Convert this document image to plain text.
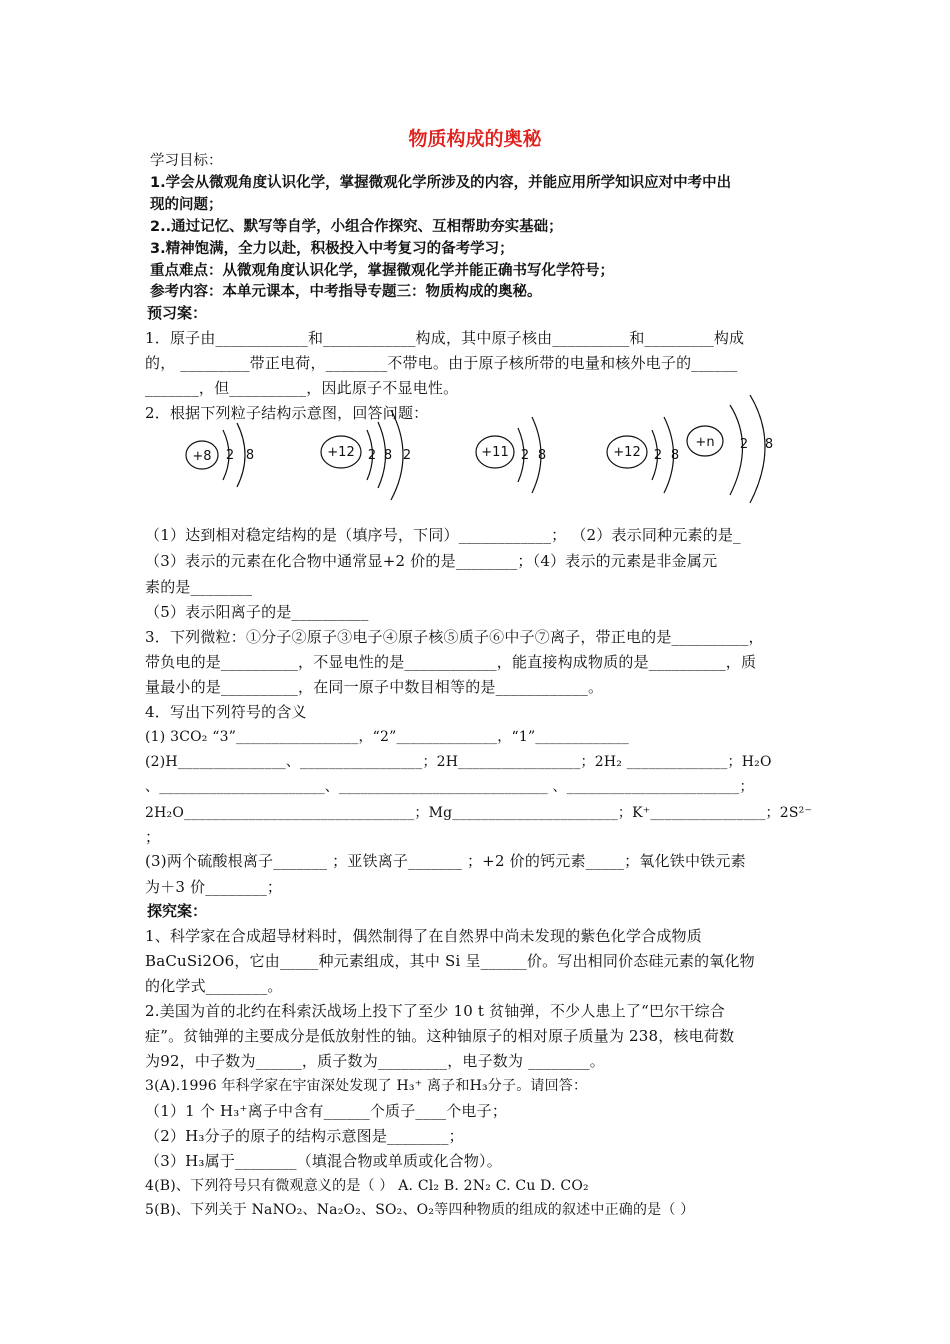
物质构成的奥秘
学习目标：
1.学会从微观角度认识化学，掌握微观化学所涉及的内容，并能应用所学知识应对中考中出
现的问题；
2..通过记忆、默写等自学，小组合作探究、互相帮助夯实基础；
3.精神饱满，全力以赴，积极投入中考复习的备考学习；
重点难点：从微观角度认识化学，掌握微观化学并能正确书写化学符号；
参考内容：本单元课本，中考指导专题三：物质构成的奥秘。
预习案：
1．原子由____________和____________构成，其中原子核由__________和_________构成
的， _________带正电荷，________不带电。由于原子核所带的电量和核外电子的______
_______，但__________，因此原子不显电性。
2．根据下列粒子结构示意图，回答问题：
+8 2 8	+12 2 8 2	+11 2 8	+12 2 8
+n 2 8
（1）达到相对稳定结构的是（填序号，下同）____________； （2）表示同种元素的是_
（3）表示的元素在化合物中通常显+2 价的是________；（4）表示的元素是非金属元
素的是________
（5）表示阳离子的是__________
3．下列微粒：①分子②原子③电子④原子核⑤质子⑥中子⑦离子，带正电的是__________，
带负电的是__________，不显电性的是____________，能直接构成物质的是__________，质
量最小的是__________，在同一原子中数目相等的是____________。
4．写出下列符号的含义
(1) 3CO₂ “3”_________________，“2”______________，“1”_____________
(2)H_______________、_________________；2H_________________；2H₂ ______________；H₂O
、_______________________、_____________________________ 、________________________；
2H₂O________________________________；Mg_______________________；K⁺________________；2S²⁻
；
(3)两个硫酸根离子_______ ；亚铁离子_______ ；+2 价的钙元素_____；氧化铁中铁元素
为＋3 价________；
探究案：
1、科学家在合成超导材料时，偶然制得了在自然界中尚未发现的紫色化学合成物质
BaCuSi2O6，它由_____种元素组成，其中 Si 呈______价。写出相同价态硅元素的氧化物
的化学式________。
2.美国为首的北约在科索沃战场上投下了至少 10 t 贫铀弹，不少人患上了“巴尔干综合
症”。贫铀弹的主要成分是低放射性的铀。这种铀原子的相对原子质量为 238，核电荷数
为92，中子数为______，质子数为_________，电子数为 ________。
3(A).1996 年科学家在宇宙深处发现了 H₃⁺ 离子和H₃分子。请回答：
（1）1 个 H₃⁺离子中含有______个质子____个电子；
（2）H₃分子的原子的结构示意图是________；
（3）H₃属于________（填混合物或单质或化合物）。
4(B)、下列符号只有微观意义的是（ ） A. Cl₂ B. 2N₂ C. Cu D. CO₂
5(B)、下列关于 NaNO₂、Na₂O₂、SO₂、O₂等四种物质的组成的叙述中正确的是（ ）
